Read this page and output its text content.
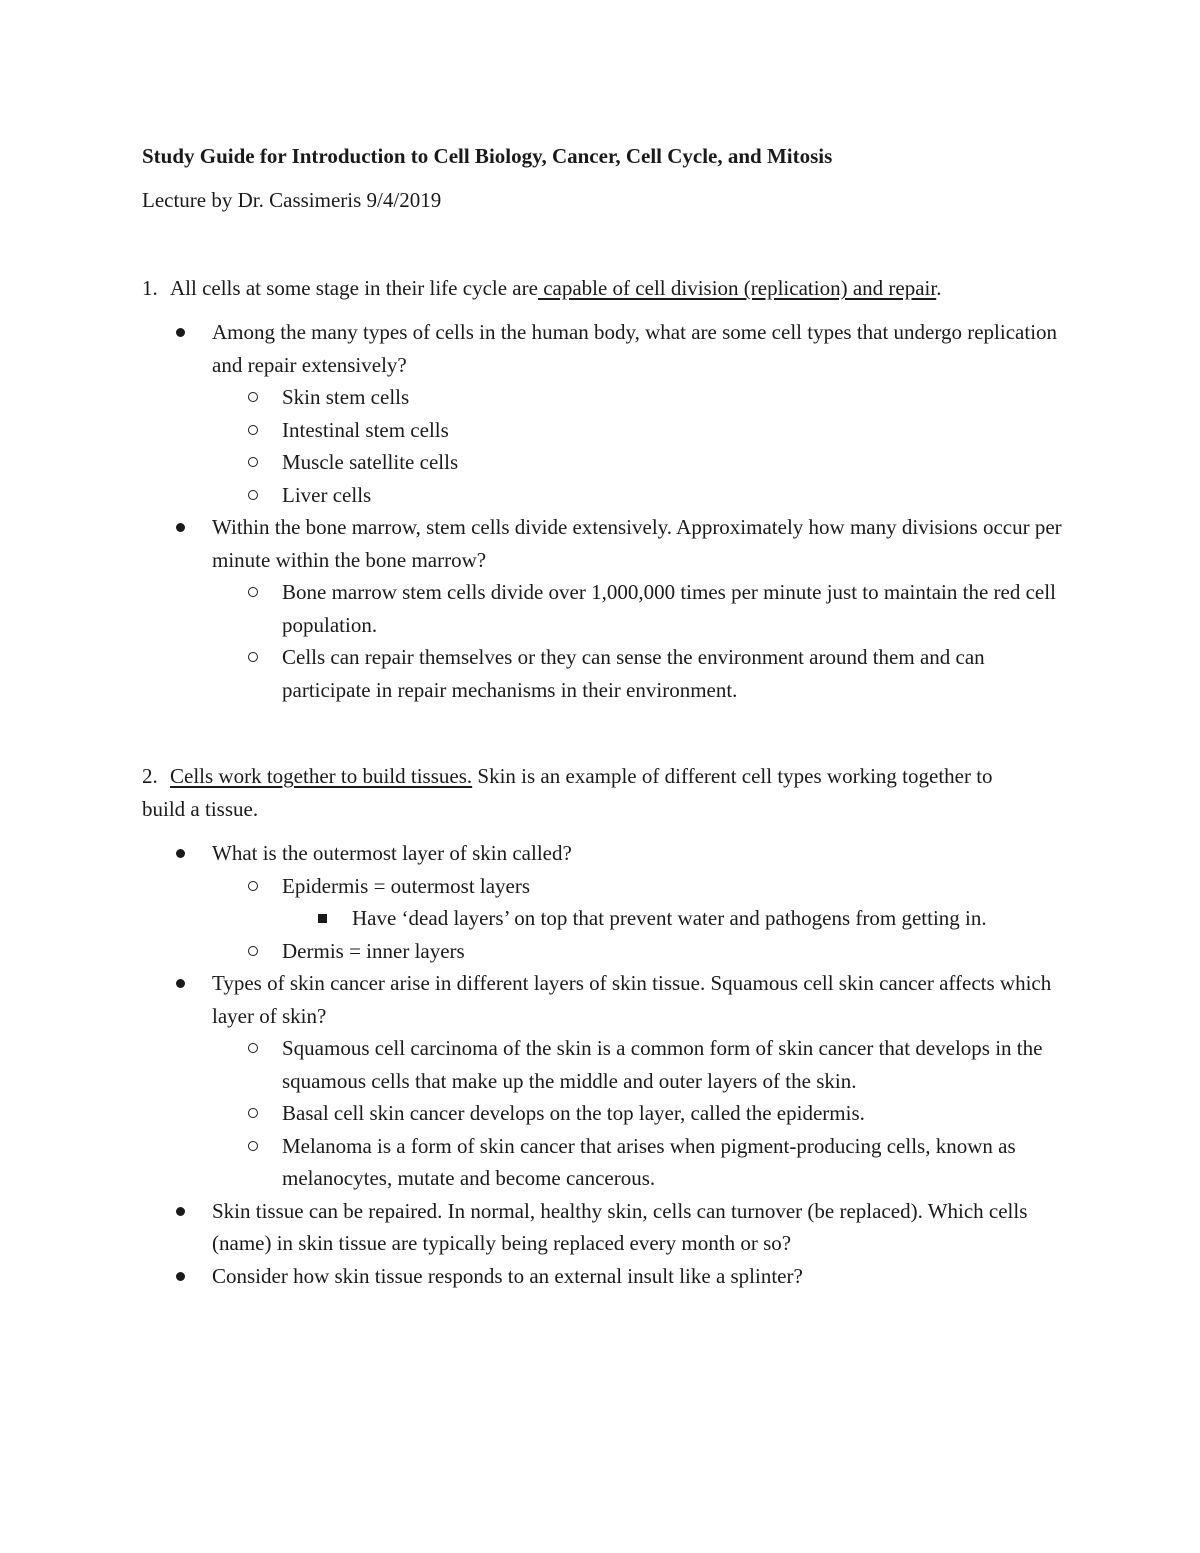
Study Guide for Introduction to Cell Biology, Cancer, Cell Cycle, and Mitosis
Lecture by Dr. Cassimeris 9/4/2019
1. All cells at some stage in their life cycle are capable of cell division (replication) and repair.
Among the many types of cells in the human body, what are some cell types that undergo replication and repair extensively?
Skin stem cells
Intestinal stem cells
Muscle satellite cells
Liver cells
Within the bone marrow, stem cells divide extensively. Approximately how many divisions occur per minute within the bone marrow?
Bone marrow stem cells divide over 1,000,000 times per minute just to maintain the red cell population.
Cells can repair themselves or they can sense the environment around them and can participate in repair mechanisms in their environment.
2. Cells work together to build tissues. Skin is an example of different cell types working together to build a tissue.
What is the outermost layer of skin called?
Epidermis = outermost layers
Have ‘dead layers’ on top that prevent water and pathogens from getting in.
Dermis = inner layers
Types of skin cancer arise in different layers of skin tissue. Squamous cell skin cancer affects which layer of skin?
Squamous cell carcinoma of the skin is a common form of skin cancer that develops in the squamous cells that make up the middle and outer layers of the skin.
Basal cell skin cancer develops on the top layer, called the epidermis.
Melanoma is a form of skin cancer that arises when pigment-producing cells, known as melanocytes, mutate and become cancerous.
Skin tissue can be repaired. In normal, healthy skin, cells can turnover (be replaced). Which cells (name) in skin tissue are typically being replaced every month or so?
Consider how skin tissue responds to an external insult like a splinter?
